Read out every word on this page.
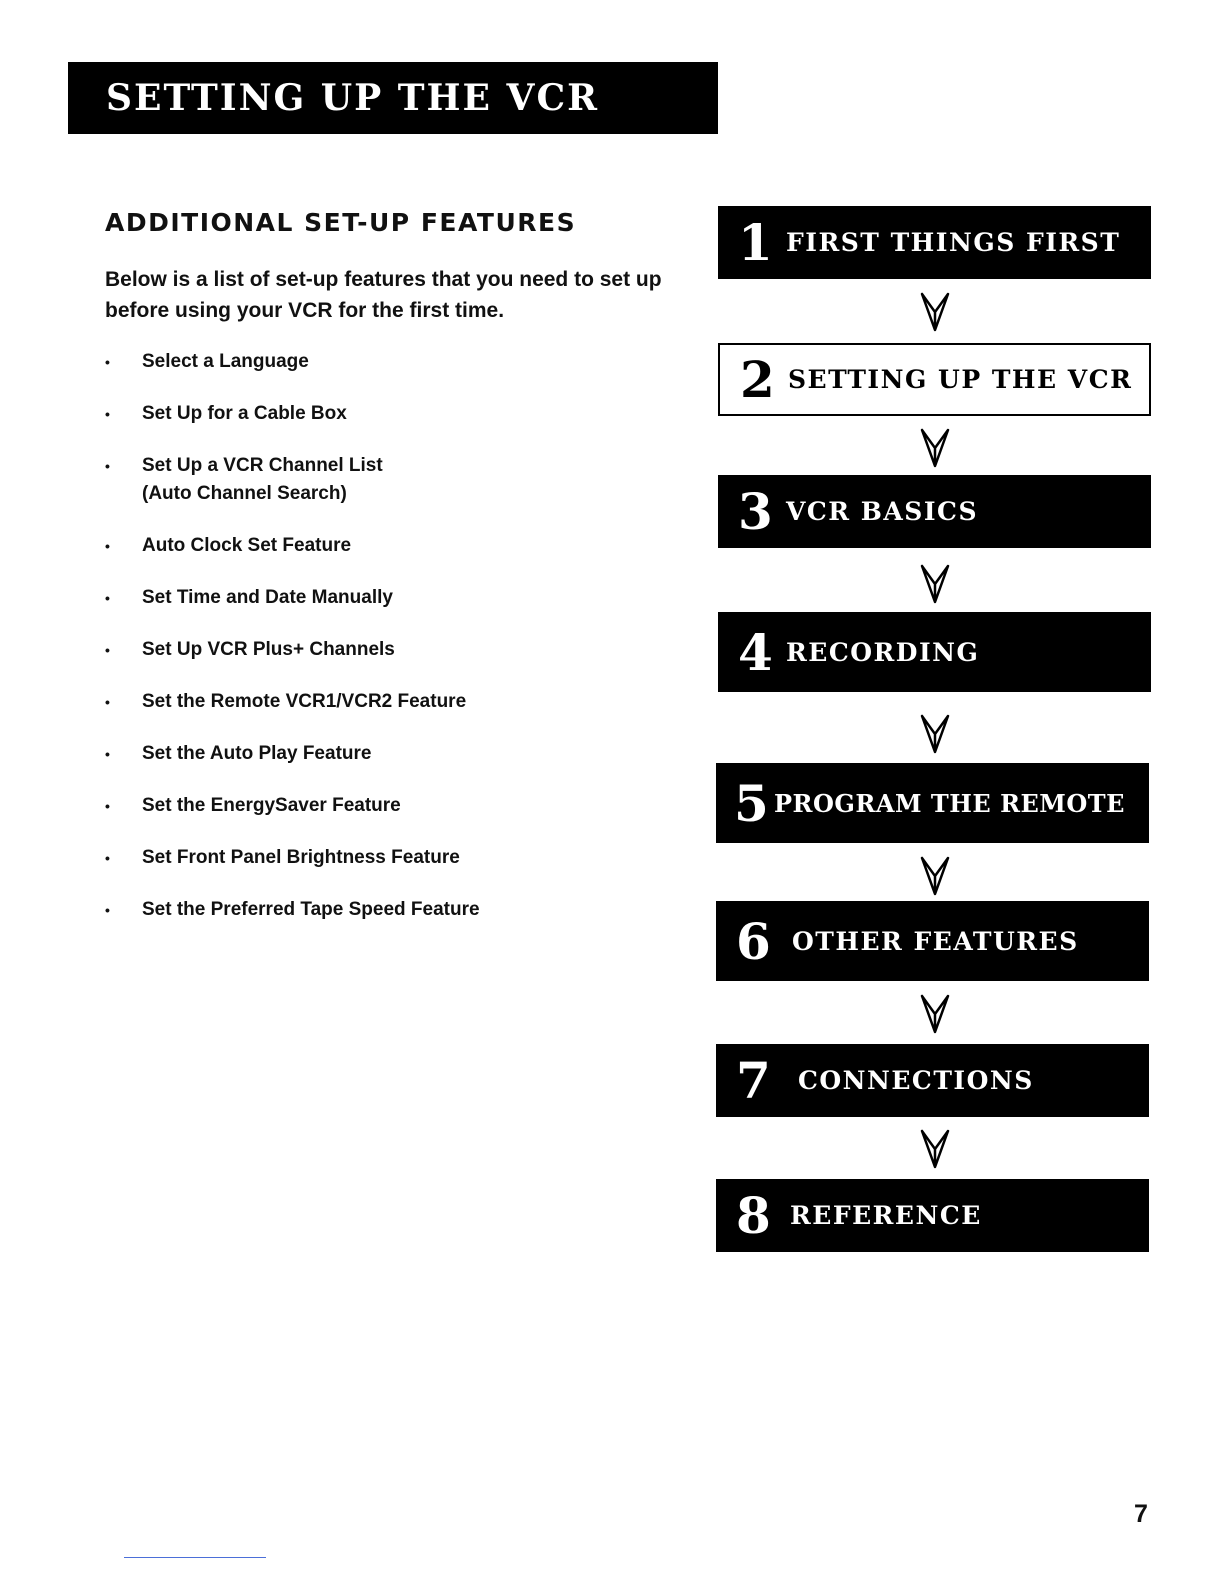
SETTING UP THE VCR
ADDITIONAL SET-UP FEATURES

Below is a list of set-up features that you need to set up before using your VCR for the first time.

• Select a Language
• Set Up for a Cable Box
• Set Up a VCR Channel List
(Auto Channel Search)
• Auto Clock Set Feature
• Set Time and Date Manually
• Set Up VCR Plus+ Channels
• Set the Remote VCR1/VCR2 Feature
• Set the Auto Play Feature
• Set the EnergySaver Feature
• Set Front Panel Brightness Feature
• Set the Preferred Tape Speed Feature
1 FIRST THINGS FIRST
2 SETTING UP THE VCR
3 VCR BASICS
4 RECORDING
5 PROGRAM THE REMOTE
6 OTHER FEATURES
7	CONNECTIONS
8 REFERENCE
7
